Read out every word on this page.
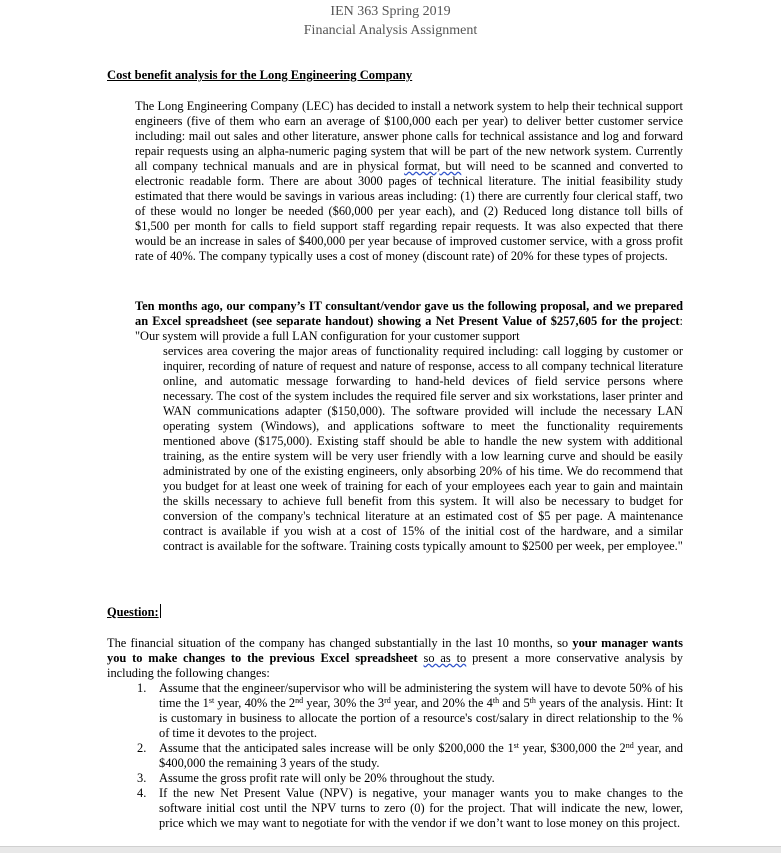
IEN 363 Spring 2019
Financial Analysis Assignment
Cost benefit analysis for the Long Engineering Company
The Long Engineering Company (LEC) has decided to install a network system to help their technical support engineers (five of them who earn an average of $100,000 each per year) to deliver better customer service including: mail out sales and other literature, answer phone calls for technical assistance and log and forward repair requests using an alpha-numeric paging system that will be part of the new network system. Currently all company technical manuals and are in physical format, but will need to be scanned and converted to electronic readable form. There are about 3000 pages of technical literature. The initial feasibility study estimated that there would be savings in various areas including: (1) there are currently four clerical staff, two of these would no longer be needed ($60,000 per year each), and (2) Reduced long distance toll bills of $1,500 per month for calls to field support staff regarding repair requests. It was also expected that there would be an increase in sales of $400,000 per year because of improved customer service, with a gross profit rate of 40%. The company typically uses a cost of money (discount rate) of 20% for these types of projects.
Ten months ago, our company’s IT consultant/vendor gave us the following proposal, and we prepared an Excel spreadsheet (see separate handout) showing a Net Present Value of $257,605 for the project: "Our system will provide a full LAN configuration for your customer support
services area covering the major areas of functionality required including: call logging by customer or inquirer, recording of nature of request and nature of response, access to all company technical literature online, and automatic message forwarding to hand-held devices of field service persons where necessary. The cost of the system includes the required file server and six workstations, laser printer and WAN communications adapter ($150,000). The software provided will include the necessary LAN operating system (Windows), and applications software to meet the functionality requirements mentioned above ($175,000). Existing staff should be able to handle the new system with additional training, as the entire system will be very user friendly with a low learning curve and should be easily administrated by one of the existing engineers, only absorbing 20% of his time. We do recommend that you budget for at least one week of training for each of your employees each year to gain and maintain the skills necessary to achieve full benefit from this system. It will also be necessary to budget for conversion of the company's technical literature at an estimated cost of $5 per page. A maintenance contract is available if you wish at a cost of 15% of the initial cost of the hardware, and a similar contract is available for the software. Training costs typically amount to $2500 per week, per employee."
Question:
The financial situation of the company has changed substantially in the last 10 months, so your manager wants you to make changes to the previous Excel spreadsheet so as to present a more conservative analysis by including the following changes:
1. Assume that the engineer/supervisor who will be administering the system will have to devote 50% of his time the 1st year, 40% the 2nd year, 30% the 3rd year, and 20% the 4th and 5th years of the analysis. Hint: It is customary in business to allocate the portion of a resource's cost/salary in direct relationship to the % of time it devotes to the project.
2. Assume that the anticipated sales increase will be only $200,000 the 1st year, $300,000 the 2nd year, and $400,000 the remaining 3 years of the study.
3. Assume the gross profit rate will only be 20% throughout the study.
4. If the new Net Present Value (NPV) is negative, your manager wants you to make changes to the software initial cost until the NPV turns to zero (0) for the project. That will indicate the new, lower, price which we may want to negotiate for with the vendor if we don’t want to lose money on this project.
